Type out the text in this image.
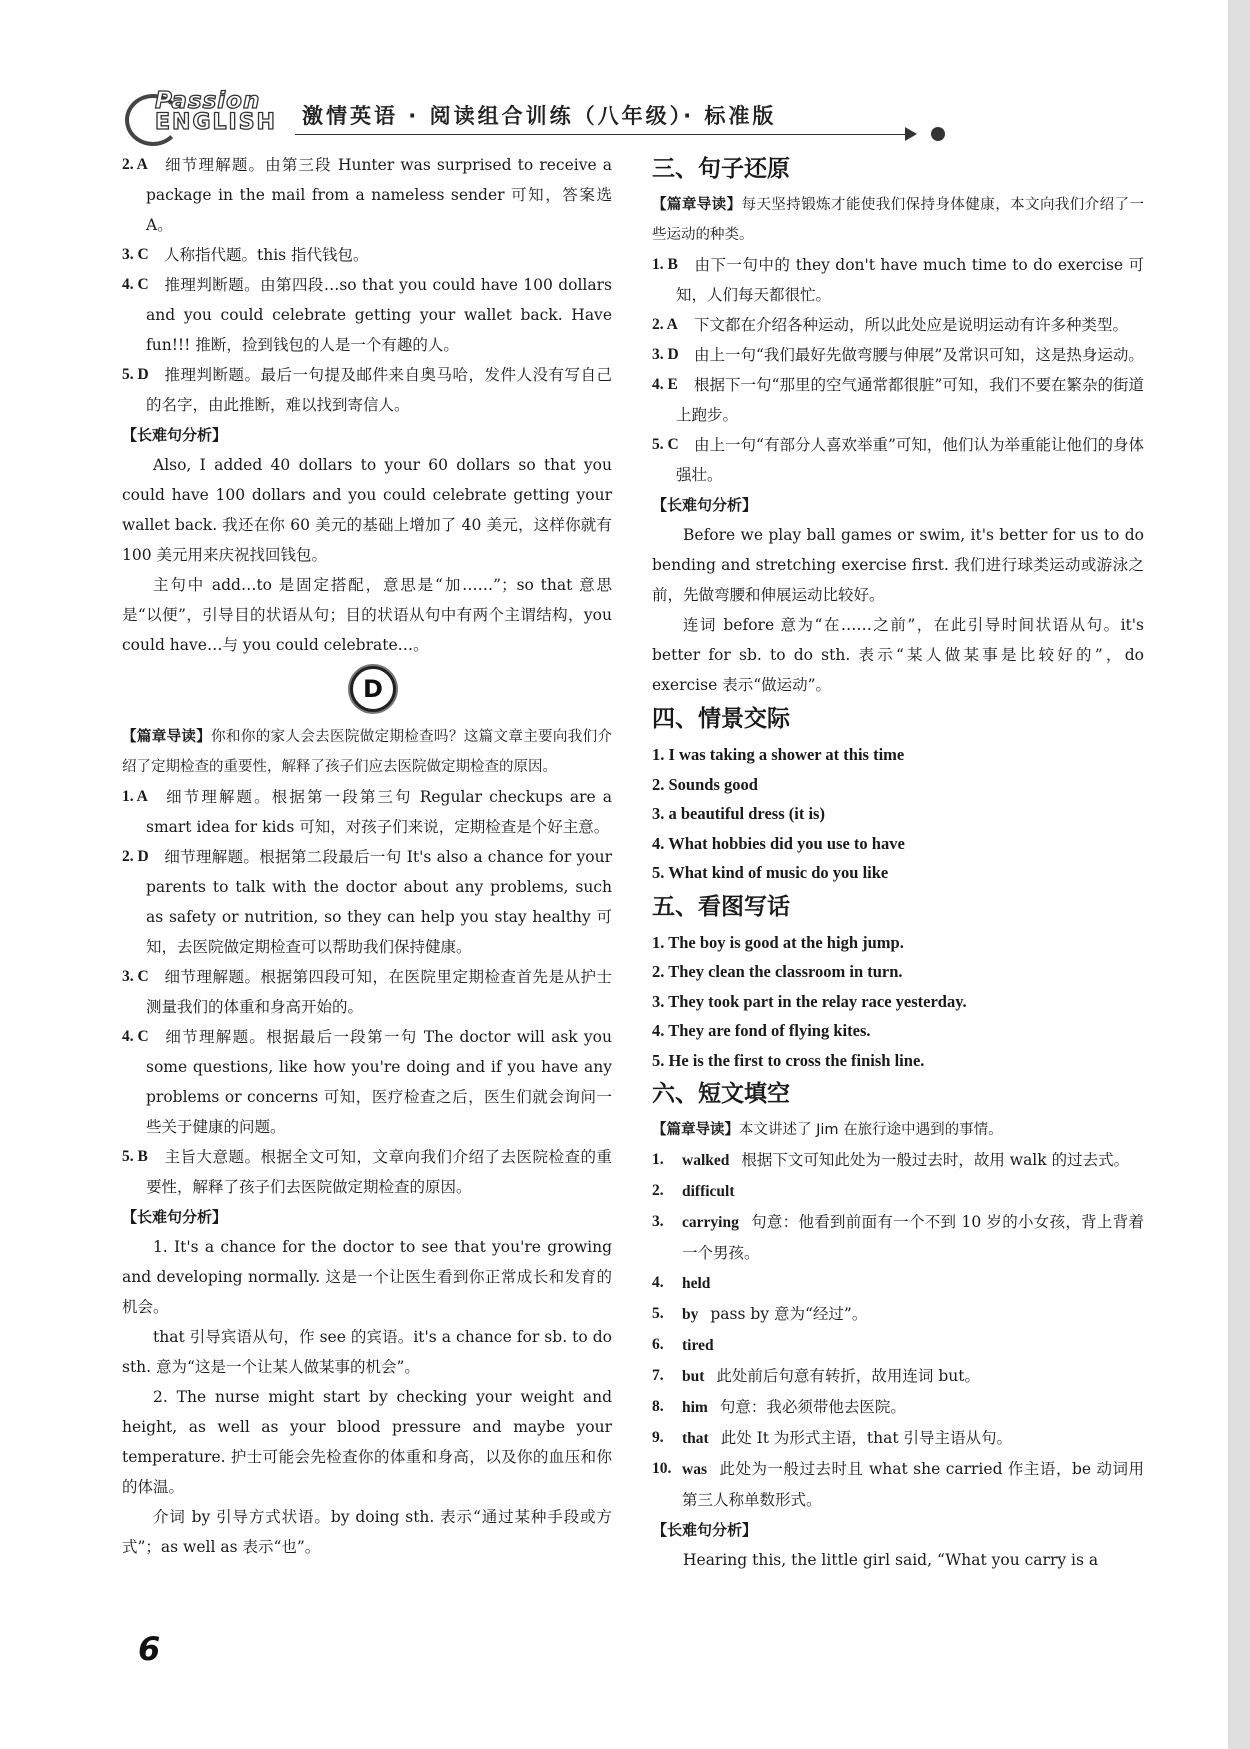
Passion
ENGLISH 激情英语 · 阅读组合训练（八年级）· 标准版
2. A 细节理解题。由第三段 Hunter was surprised to receive a package in the mail from a nameless sender 可知，答案选 A。
3. C 人称指代题。this 指代钱包。
4. C 推理判断题。由第四段…so that you could have 100 dollars and you could celebrate getting your wallet back. Have fun!!! 推断，捡到钱包的人是一个有趣的人。
5. D 推理判断题。最后一句提及邮件来自奥马哈，发件人没有写自己的名字，由此推断，难以找到寄信人。
【长难句分析】
Also, I added 40 dollars to your 60 dollars so that you could have 100 dollars and you could celebrate getting your wallet back. 我还在你 60 美元的基础上增加了 40 美元，这样你就有 100 美元用来庆祝找回钱包。
主句中 add…to 是固定搭配，意思是“加……”；so that 意思是“以便”，引导目的状语从句；目的状语从句中有两个主谓结构，you could have…与 you could celebrate…。
D
【篇章导读】你和你的家人会去医院做定期检查吗？这篇文章主要向我们介绍了定期检查的重要性，解释了孩子们应去医院做定期检查的原因。
1. A 细节理解题。根据第一段第三句 Regular checkups are a smart idea for kids 可知，对孩子们来说，定期检查是个好主意。
2. D 细节理解题。根据第二段最后一句 It's also a chance for your parents to talk with the doctor about any problems, such as safety or nutrition, so they can help you stay healthy 可知，去医院做定期检查可以帮助我们保持健康。
3. C 细节理解题。根据第四段可知，在医院里定期检查首先是从护士测量我们的体重和身高开始的。
4. C 细节理解题。根据最后一段第一句 The doctor will ask you some questions, like how you're doing and if you have any problems or concerns 可知，医疗检查之后，医生们就会询问一些关于健康的问题。
5. B 主旨大意题。根据全文可知，文章向我们介绍了去医院检查的重要性，解释了孩子们去医院做定期检查的原因。
【长难句分析】
1. It's a chance for the doctor to see that you're growing and developing normally. 这是一个让医生看到你正常成长和发育的机会。
that 引导宾语从句，作 see 的宾语。it's a chance for sb. to do sth. 意为“这是一个让某人做某事的机会”。
2. The nurse might start by checking your weight and height, as well as your blood pressure and maybe your temperature. 护士可能会先检查你的体重和身高，以及你的血压和你的体温。
介词 by 引导方式状语。by doing sth. 表示“通过某种手段或方式”；as well as 表示“也”。
三、句子还原
【篇章导读】每天坚持锻炼才能使我们保持身体健康，本文向我们介绍了一些运动的种类。
1. B 由下一句中的 they don't have much time to do exercise 可知，人们每天都很忙。
2. A 下文都在介绍各种运动，所以此处应是说明运动有许多种类型。
3. D 由上一句“我们最好先做弯腰与伸展”及常识可知，这是热身运动。
4. E 根据下一句“那里的空气通常都很脏”可知，我们不要在繁杂的街道上跑步。
5. C 由上一句“有部分人喜欢举重”可知，他们认为举重能让他们的身体强壮。
【长难句分析】
Before we play ball games or swim, it's better for us to do bending and stretching exercise first. 我们进行球类运动或游泳之前，先做弯腰和伸展运动比较好。
连词 before 意为“在……之前”，在此引导时间状语从句。it's better for sb. to do sth. 表示“某人做某事是比较好的”，do exercise 表示“做运动”。
四、情景交际
1. I was taking a shower at this time
2. Sounds good
3. a beautiful dress (it is)
4. What hobbies did you use to have
5. What kind of music do you like
五、看图写话
1. The boy is good at the high jump.
2. They clean the classroom in turn.
3. They took part in the relay race yesterday.
4. They are fond of flying kites.
5. He is the first to cross the finish line.
六、短文填空
【篇章导读】本文讲述了 Jim 在旅行途中遇到的事情。
1. walked 根据下文可知此处为一般过去时，故用 walk 的过去式。
2. difficult
3. carrying 句意：他看到前面有一个不到 10 岁的小女孩，背上背着一个男孩。
4. held
5. by pass by 意为“经过”。
6. tired
7. but 此处前后句意有转折，故用连词 but。
8. him 句意：我必须带他去医院。
9. that 此处 It 为形式主语，that 引导主语从句。
10. was 此处为一般过去时且 what she carried 作主语，be 动词用第三人称单数形式。
【长难句分析】
Hearing this, the little girl said, “What you carry is a
6
